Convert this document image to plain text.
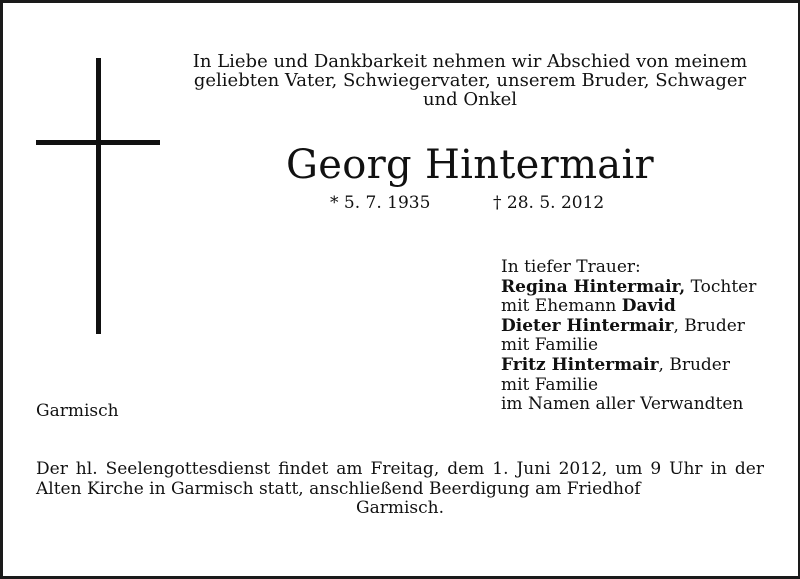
In Liebe und Dankbarkeit nehmen wir Abschied von meinem
geliebten Vater, Schwiegervater, unserem Bruder, Schwager
und Onkel
Georg Hintermair
* 5. 7. 1935	† 28. 5. 2012
In tiefer Trauer:
Regina Hintermair, Tochter
mit Ehemann David
Dieter Hintermair, Bruder
mit Familie
Fritz Hintermair, Bruder
mit Familie
im Namen aller Verwandten
Garmisch
Der hl. Seelengottesdienst findet am Freitag, dem 1. Juni 2012, um 9 Uhr in der Alten Kirche in Garmisch statt, anschließend Beerdigung am Friedhof
Garmisch.
